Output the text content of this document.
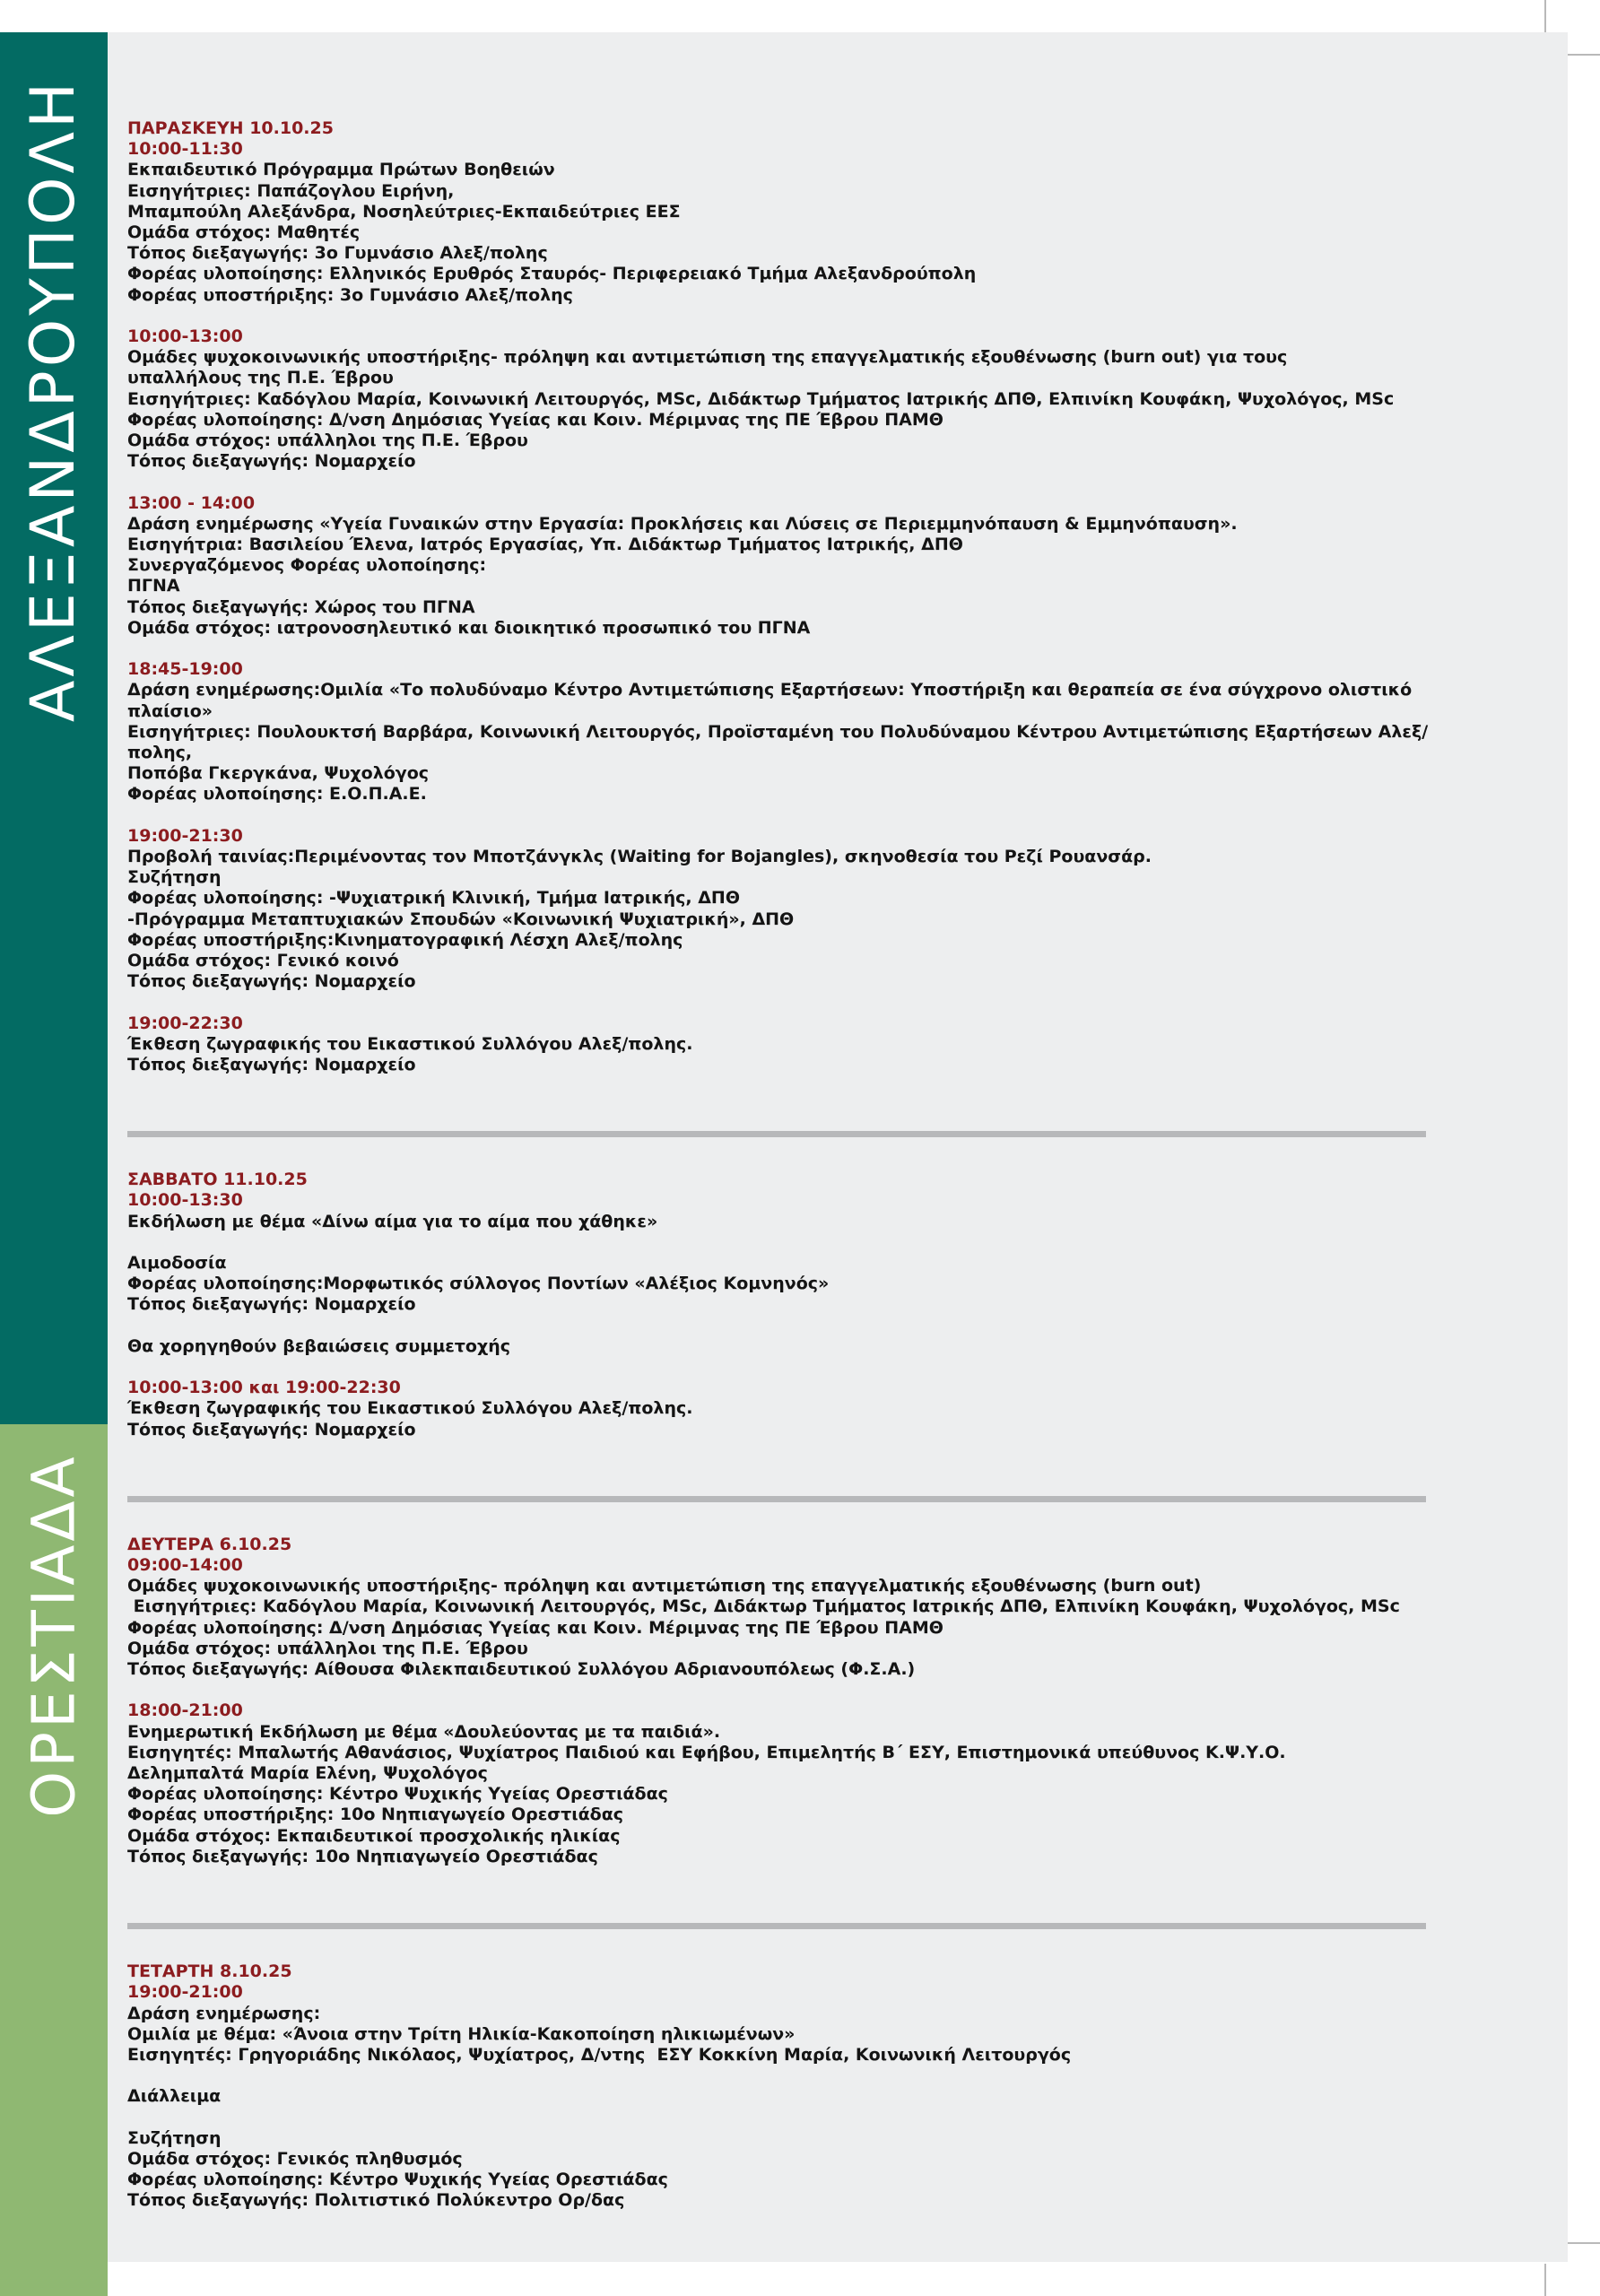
ΑΛΕΞΑΝΔΡΟΥΠΟΛΗ
ΟΡΕΣΤΙΑΔΑ
ΠΑΡΑΣΚΕΥΗ 10.10.25
10:00-11:30
Εκπαιδευτικό Πρόγραμμα Πρώτων Βοηθειών
Εισηγήτριες: Παπάζογλου Ειρήνη,
Μπαμπούλη Αλεξάνδρα, Νοσηλεύτριες-Εκπαιδεύτριες ΕΕΣ
Ομάδα στόχος: Μαθητές
Τόπος διεξαγωγής: 3ο Γυμνάσιο Αλεξ/πολης
Φορέας υλοποίησης: Ελληνικός Ερυθρός Σταυρός- Περιφερειακό Τμήμα Αλεξανδρούπολη
Φορέας υποστήριξης: 3ο Γυμνάσιο Αλεξ/πολης
10:00-13:00
Ομάδες ψυχοκοινωνικής υποστήριξης- πρόληψη και αντιμετώπιση της επαγγελματικής εξουθένωσης (burn out) για τους
υπαλλήλους της Π.Ε. Έβρου
Εισηγήτριες: Καδόγλου Μαρία, Κοινωνική Λειτουργός, MSc, Διδάκτωρ Τμήματος Ιατρικής ΔΠΘ, Ελπινίκη Κουφάκη, Ψυχολόγος, MSc
Φορέας υλοποίησης: Δ/νση Δημόσιας Υγείας και Κοιν. Μέριμνας της ΠΕ Έβρου ΠΑΜΘ
Ομάδα στόχος: υπάλληλοι της Π.Ε. Έβρου
Τόπος διεξαγωγής: Νομαρχείο
13:00 - 14:00
Δράση ενημέρωσης «Υγεία Γυναικών στην Εργασία: Προκλήσεις και Λύσεις σε Περιεμμηνόπαυση & Εμμηνόπαυση».
Εισηγήτρια: Βασιλείου Έλενα, Ιατρός Εργασίας, Υπ. Διδάκτωρ Τμήματος Ιατρικής, ΔΠΘ
Συνεργαζόμενος Φορέας υλοποίησης:
ΠΓΝΑ
Τόπος διεξαγωγής: Χώρος του ΠΓΝΑ
Ομάδα στόχος: ιατρονοσηλευτικό και διοικητικό προσωπικό του ΠΓΝΑ
18:45-19:00
Δράση ενημέρωσης:Ομιλία «Το πολυδύναμο Κέντρο Αντιμετώπισης Εξαρτήσεων: Υποστήριξη και θεραπεία σε ένα σύγχρονο ολιστικό πλαίσιο»
Εισηγήτριες: Πουλουκτσή Βαρβάρα, Κοινωνική Λειτουργός, Προϊσταμένη του Πολυδύναμου Κέντρου Αντιμετώπισης Εξαρτήσεων Αλεξ/πολης,
Ποπόβα Γκεργκάνα, Ψυχολόγος
Φορέας υλοποίησης: Ε.Ο.Π.Α.Ε.
19:00-21:30
Προβολή ταινίας:Περιμένοντας τον Μποτζάνγκλς (Waiting for Bojangles), σκηνοθεσία του Ρεζί Ρουανσάρ.
Συζήτηση
Φορέας υλοποίησης: -Ψυχιατρική Κλινική, Τμήμα Ιατρικής, ΔΠΘ
-Πρόγραμμα Μεταπτυχιακών Σπουδών «Κοινωνική Ψυχιατρική», ΔΠΘ
Φορέας υποστήριξης:Κινηματογραφική Λέσχη Αλεξ/πολης
Ομάδα στόχος: Γενικό κοινό
Τόπος διεξαγωγής: Νομαρχείο
19:00-22:30
Έκθεση ζωγραφικής του Εικαστικού Συλλόγου Αλεξ/πολης.
Τόπος διεξαγωγής: Νομαρχείο
ΣΑΒΒΑΤΟ 11.10.25
10:00-13:30
Εκδήλωση με θέμα «Δίνω αίμα για το αίμα που χάθηκε»
Αιμοδοσία
Φορέας υλοποίησης:Μορφωτικός σύλλογος Ποντίων «Αλέξιος Κομνηνός»
Τόπος διεξαγωγής: Νομαρχείο
Θα χορηγηθούν βεβαιώσεις συμμετοχής
10:00-13:00 και 19:00-22:30
Έκθεση ζωγραφικής του Εικαστικού Συλλόγου Αλεξ/πολης.
Τόπος διεξαγωγής: Νομαρχείο
ΔΕΥΤΕΡΑ 6.10.25
09:00-14:00
Ομάδες ψυχοκοινωνικής υποστήριξης- πρόληψη και αντιμετώπιση της επαγγελματικής εξουθένωσης (burn out)
Εισηγήτριες: Καδόγλου Μαρία, Κοινωνική Λειτουργός, MSc, Διδάκτωρ Τμήματος Ιατρικής ΔΠΘ, Ελπινίκη Κουφάκη, Ψυχολόγος, MSc
Φορέας υλοποίησης: Δ/νση Δημόσιας Υγείας και Κοιν. Μέριμνας της ΠΕ Έβρου ΠΑΜΘ
Ομάδα στόχος: υπάλληλοι της Π.Ε. Έβρου
Τόπος διεξαγωγής: Αίθουσα Φιλεκπαιδευτικού Συλλόγου Αδριανουπόλεως (Φ.Σ.Α.)
18:00-21:00
Ενημερωτική Εκδήλωση με θέμα «Δουλεύοντας με τα παιδιά».
Εισηγητές: Μπαλωτής Αθανάσιος, Ψυχίατρος Παιδιού και Εφήβου, Επιμελητής Β΄ ΕΣΥ, Επιστημονικά υπεύθυνος Κ.Ψ.Υ.Ο.
Δελημπαλτά Μαρία Ελένη, Ψυχολόγος
Φορέας υλοποίησης: Κέντρο Ψυχικής Υγείας Ορεστιάδας
Φορέας υποστήριξης: 10ο Νηπιαγωγείο Ορεστιάδας
Ομάδα στόχος: Εκπαιδευτικοί προσχολικής ηλικίας
Τόπος διεξαγωγής: 10ο Νηπιαγωγείο Ορεστιάδας
ΤΕΤΑΡΤΗ 8.10.25
19:00-21:00
Δράση ενημέρωσης:
Ομιλία με θέμα: «Άνοια στην Τρίτη Ηλικία-Κακοποίηση ηλικιωμένων»
Εισηγητές: Γρηγοριάδης Νικόλαος, Ψυχίατρος, Δ/ντης  ΕΣΥ Κοκκίνη Μαρία, Κοινωνική Λειτουργός
Διάλλειμα
Συζήτηση
Ομάδα στόχος: Γενικός πληθυσμός
Φορέας υλοποίησης: Κέντρο Ψυχικής Υγείας Ορεστιάδας
Τόπος διεξαγωγής: Πολιτιστικό Πολύκεντρο Ορ/δας
